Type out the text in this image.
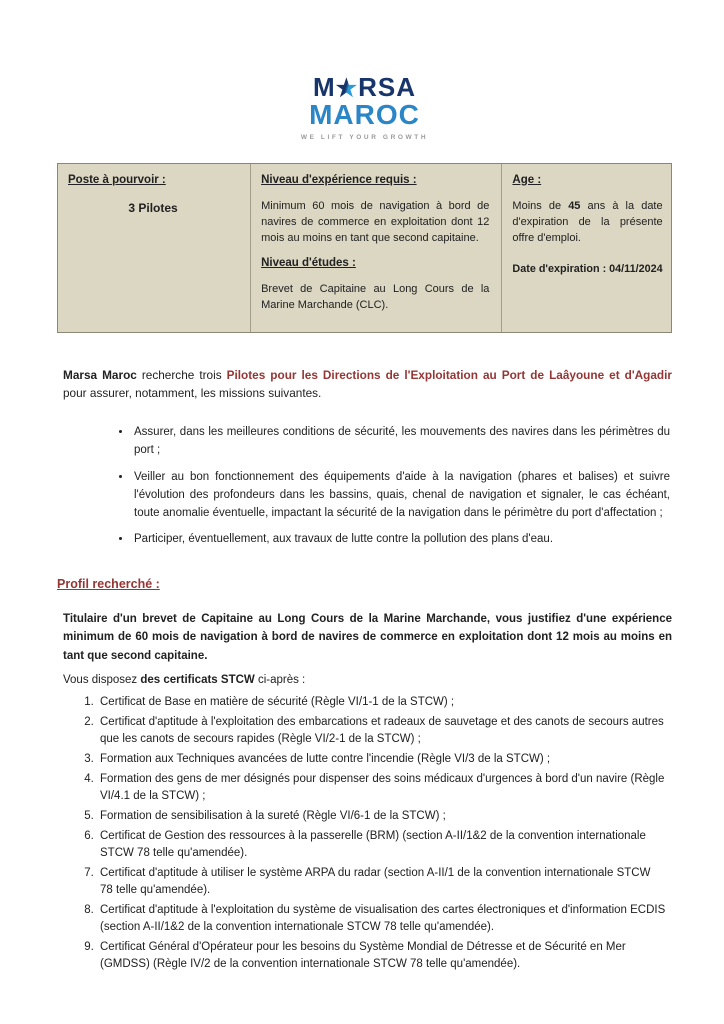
M★RSA
MAROC
WE LIFT YOUR GROWTH
Poste à pourvoir :
3 Pilotes
Niveau d'expérience requis :

Minimum 60 mois de navigation à bord de navires de commerce en exploitation dont 12 mois au moins en tant que second capitaine.

Niveau d'études :

Brevet de Capitaine au Long Cours de la Marine Marchande (CLC).

Age :

Moins de 45 ans à la date d'expiration de la présente offre d'emploi.

Date d'expiration : 04/11/2024

Marsa Maroc recherche trois Pilotes pour les Directions de l'Exploitation au Port de Laâyoune et d'Agadir pour assurer, notamment, les missions suivantes.

• Assurer, dans les meilleures conditions de sécurité, les mouvements des navires dans les périmètres du port ;
• Veiller au bon fonctionnement des équipements d'aide à la navigation (phares et balises) et suivre l'évolution des profondeurs dans les bassins, quais, chenal de navigation et signaler, le cas échéant, toute anomalie éventuelle, impactant la sécurité de la navigation dans le périmètre du port d'affectation ;
• Participer, éventuellement, aux travaux de lutte contre la pollution des plans d'eau.
Profil recherché :

Titulaire d'un brevet de Capitaine au Long Cours de la Marine Marchande, vous justifiez d'une expérience minimum de 60 mois de navigation à bord de navires de commerce en exploitation dont 12 mois au moins en tant que second capitaine.

Vous disposez des certificats STCW ci-après :

1. Certificat de Base en matière de sécurité (Règle VI/1-1 de la STCW) ;
2. Certificat d'aptitude à l'exploitation des embarcations et radeaux de sauvetage et des canots de secours autres que les canots de secours rapides (Règle VI/2-1 de la STCW) ;
3. Formation aux Techniques avancées de lutte contre l'incendie (Règle VI/3 de la STCW) ;
4. Formation des gens de mer désignés pour dispenser des soins médicaux d'urgences à bord d'un navire (Règle VI/4.1 de la STCW) ;
5. Formation de sensibilisation à la sureté (Règle VI/6-1 de la STCW) ;
6. Certificat de Gestion des ressources à la passerelle (BRM) (section A-II/1&2 de la convention internationale STCW 78 telle qu'amendée).
7. Certificat d'aptitude à utiliser le système ARPA du radar (section A-II/1 de la convention internationale STCW 78 telle qu'amendée).
8. Certificat d'aptitude à l'exploitation du système de visualisation des cartes électroniques et d'information ECDIS (section A-II/1&2 de la convention internationale STCW 78 telle qu'amendée).
9. Certificat Général d'Opérateur pour les besoins du Système Mondial de Détresse et de Sécurité en Mer (GMDSS) (Règle IV/2 de la convention internationale STCW 78 telle qu'amendée).
